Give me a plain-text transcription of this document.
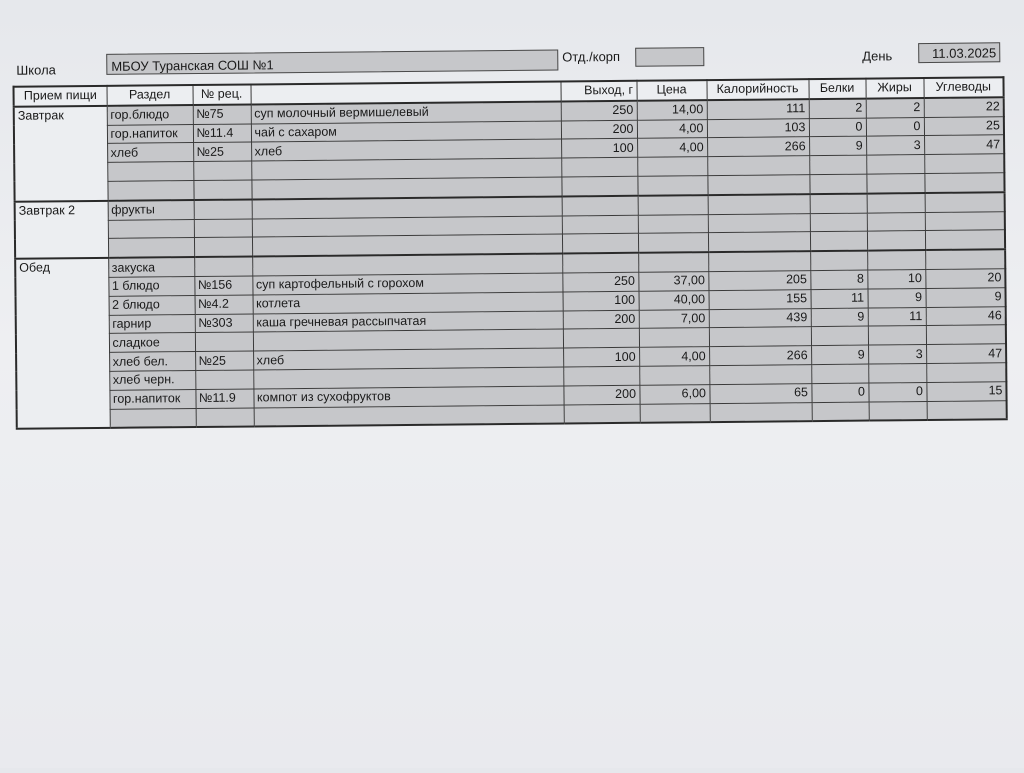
Школа	МБОУ Туранская СОШ №1
Отд./корп	День	11.03.2025
Прием пищи	Раздел	№ рец.		Выход, г	Цена	Калорийность	Белки	Жиры	Углеводы
Завтрак	гор.блюдо	№75	суп молочный вермишелевый	250	14,00	111	2	2	22
	гор.напиток	№11.4	чай с сахаром	200	4,00	103	0	0	25
	хлеб	№25	хлеб	100	4,00	266	9	3	47

Завтрак 2	фрукты								

Обед	закуска								
	1 блюдо	№156	суп картофельный с горохом	250	37,00	205	8	10	20
	2 блюдо	№4.2	котлета	100	40,00	155	11	9	9
	гарнир	№303	каша гречневая рассыпчатая	200	7,00	439	9	11	46
	сладкое								
	хлеб бел.	№25	хлеб	100	4,00	266	9	3	47
	хлеб черн.								
	гор.напиток	№11.9	компот из сухофруктов	200	6,00	65	0	0	15
